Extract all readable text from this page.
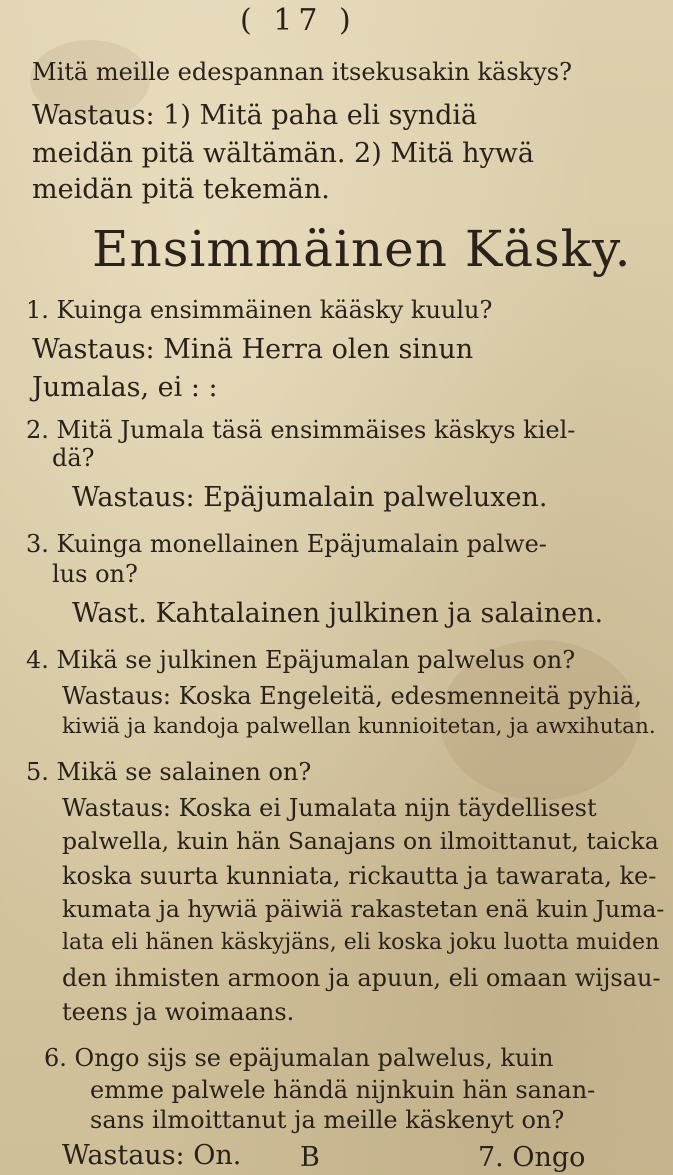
( 17 )
Mitä meille edespannan itsekusakin käskys?
Wastaus: 1) Mitä paha eli syndiä
meidän pitä wältämän. 2) Mitä hywä
meidän pitä tekemän.
Ensimmäinen Käsky.
1. Kuinga ensimmäinen kääsky kuulu?
Wastaus: Minä Herra olen sinun
Jumalas, ei : :
2. Mitä Jumala täsä ensimmäises käskys kiel-
dä?
Wastaus: Epäjumalain palweluxen.
3. Kuinga monellainen Epäjumalain palwe-
lus on?
Wast. Kahtalainen julkinen ja salainen.
4. Mikä se julkinen Epäjumalan palwelus on?
Wastaus: Koska Engeleitä, edesmenneitä pyhiä,
kiwiä ja kandoja palwellan kunnioitetan, ja awxihutan.
5. Mikä se salainen on?
Wastaus: Koska ei Jumalata nijn täydellisest
palwella, kuin hän Sanajans on ilmoittanut, taicka
koska suurta kunniata, rickautta ja tawarata, ke-
kumata ja hywiä päiwiä rakastetan enä kuin Juma-
lata eli hänen käskyjäns, eli koska joku luotta muiden
den ihmisten armoon ja apuun, eli omaan wijsau-
teens ja woimaans.
6. Ongo sijs se epäjumalan palwelus, kuin
emme palwele händä nijnkuin hän sanan-
sans ilmoittanut ja meille käskenyt on?
Wastaus: On. B	7. Ongo
